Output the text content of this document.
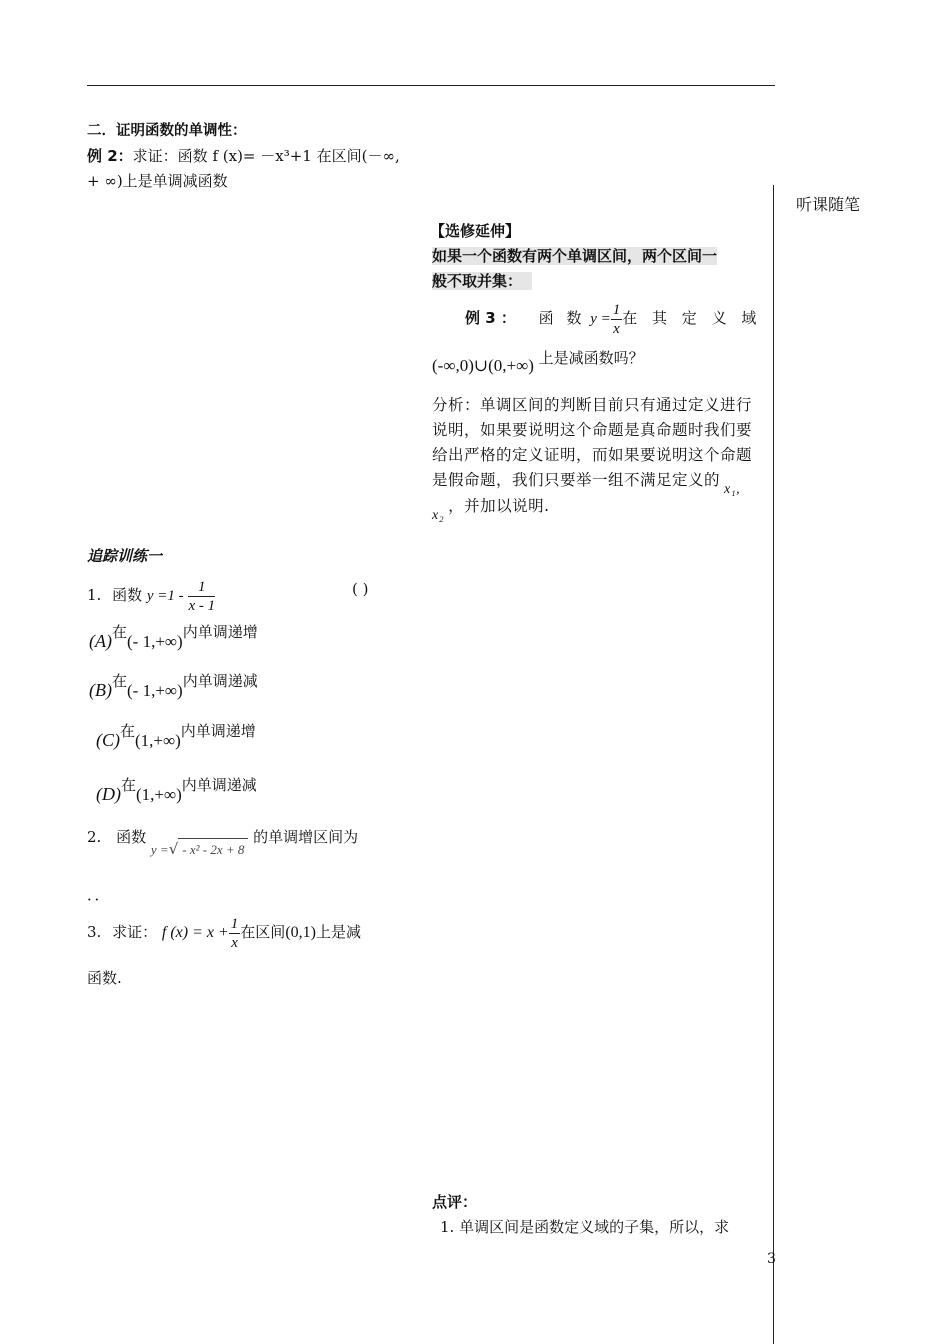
听课随笔
二．证明函数的单调性：
例 2：求证：函数 f (x)= －x³+1 在区间(－∞,
+ ∞)上是单调减函数
【选修延伸】
如果一个函数有两个单调区间，两个区间一
般不取并集：
例 3 ： 函 数 $y = \frac{1}{x}$ 在 其 定 义 域
(-∞,0)∪(0,+∞) 上是减函数吗？
分析：单调区间的判断目前只有通过定义进行说明，如果要说明这个命题是真命题时我们要给出严格的定义证明，而如果要说明这个命题是假命题，我们只要举一组不满足定义的x₁, x₂，并加以说明.
追踪训练一
1. 函数 $y =1 - \frac{1}{x - 1}$	( )
(A)在(- 1,+∞)内单调递增
(B)在(- 1,+∞)内单调递减
(C)在(1,+∞)内单调递增
(D)在(1,+∞)内单调递减
2. 函数 y =√ - x² - 2x + 8 的单调增区间为
．．
3. 求证： f $(x) = x + \frac{1}{x}$ 在区间(0,1)上是减
函数.
点评：
1. 单调区间是函数定义域的子集，所以，求
3
